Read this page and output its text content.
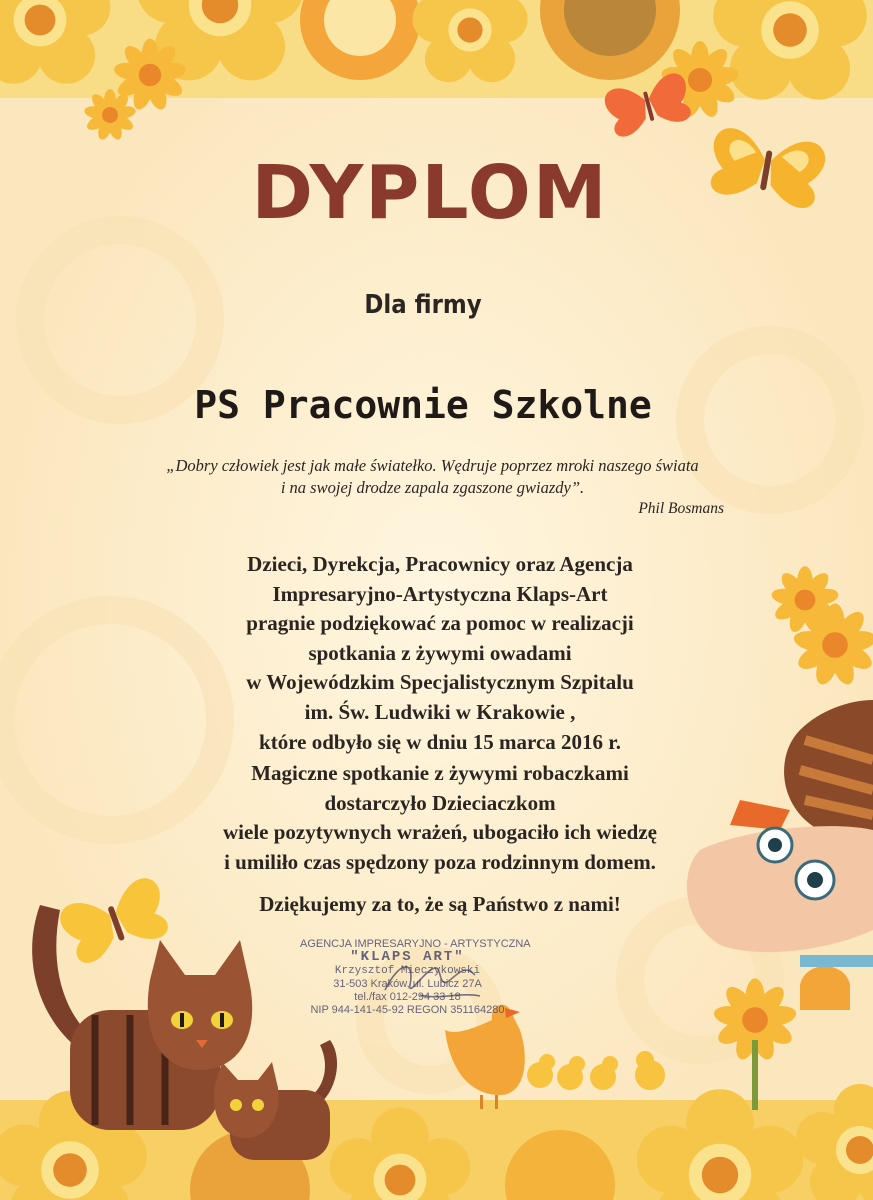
DYPLOM
Dla firmy
PS Pracownie Szkolne
„Dobry człowiek jest jak małe światełko. Wędruje poprzez mroki naszego świata
i na swojej drodze zapala zgaszone gwiazdy”.
Phil Bosmans
Dzieci, Dyrekcja, Pracownicy oraz Agencja
Impresaryjno-Artystyczna Klaps-Art
pragnie podziękować za pomoc w realizacji
spotkania z żywymi owadami
w Wojewódzkim Specjalistycznym Szpitalu
im. Św. Ludwiki w Krakowie ,
które odbyło się w dniu 15 marca 2016 r.
Magiczne spotkanie z żywymi robaczkami
dostarczyło Dzieciaczkom
wiele pozytywnych wrażeń, ubogaciło ich wiedzę
i umiliło czas spędzony poza rodzinnym domem.
Dziękujemy za to, że są Państwo z nami!
AGENCJA IMPRESARYJNO - ARTYSTYCZNA
"KLAPS ART"
Krzysztof Mieczykowski
31-503 Kraków, ul. Lubicz 27A
tel./fax 012-294 33 18
NIP 944-141-45-92 REGON 351164280
